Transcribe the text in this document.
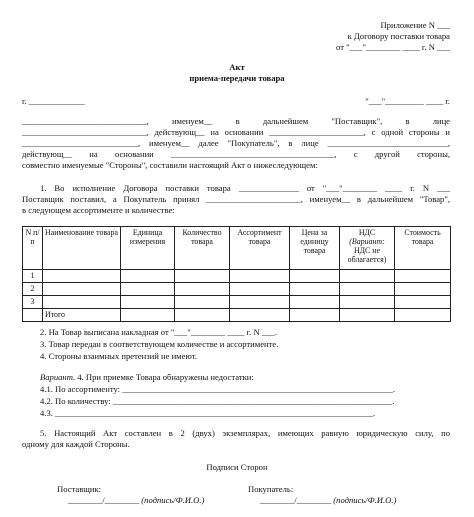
Приложение N ___
к Договору поставки товара
от "___"________ ____ г. N ___
Акт
приема-передачи товара
г. _____________	"___"_________ ____ г.
_____________________________, именуем__ в дальнейшем "Поставщик", в лице
_____________________________, действующ__ на основании ______________________, с одной стороны и
___________________________, именуем__ далее "Покупатель", в лице ____________________________,
действующ__ на основании ______________________________________, с другой стороны,
совместно именуемые "Стороны", составили настоящий Акт о нижеследующем:
1. Во исполнение Договора поставки товара ______________ от "___"________ ____ г. N ___
Поставщик поставил, а Покупатель принял ______________________, именуем__ в дальнейшем "Товар",
в следующем ассортименте и количестве:
N п/п	Наименование товара	Единица измерения	Количество товара	Ассортимент товара	Цена за единицу товара	НДС
(Вариант: НДС не облагается)	Стоимость товара
1							
2							
3							
	Итого						
2. На Товар выписана накладная от "___"________ ____ г. N ___.
3. Товар передан в соответствующем количестве и ассортименте.
4. Стороны взаимных претензий не имеют.
Вариант. 4. При приемке Товара обнаружены недостатки:
4.1. По ассортименту: _______________________________________________________________.
4.2. По количеству: _________________________________________________________________.
4.3. __________________________________________________________________________.
5. Настоящий Акт составлен в 2 (двух) экземплярах, имеющих равную юридическую силу, по
одному для каждой Стороны.
Подписи Сторон
Поставщик:
________/________ (подпись/Ф.И.О.)
Покупатель:
________/________ (подпись/Ф.И.О.)
